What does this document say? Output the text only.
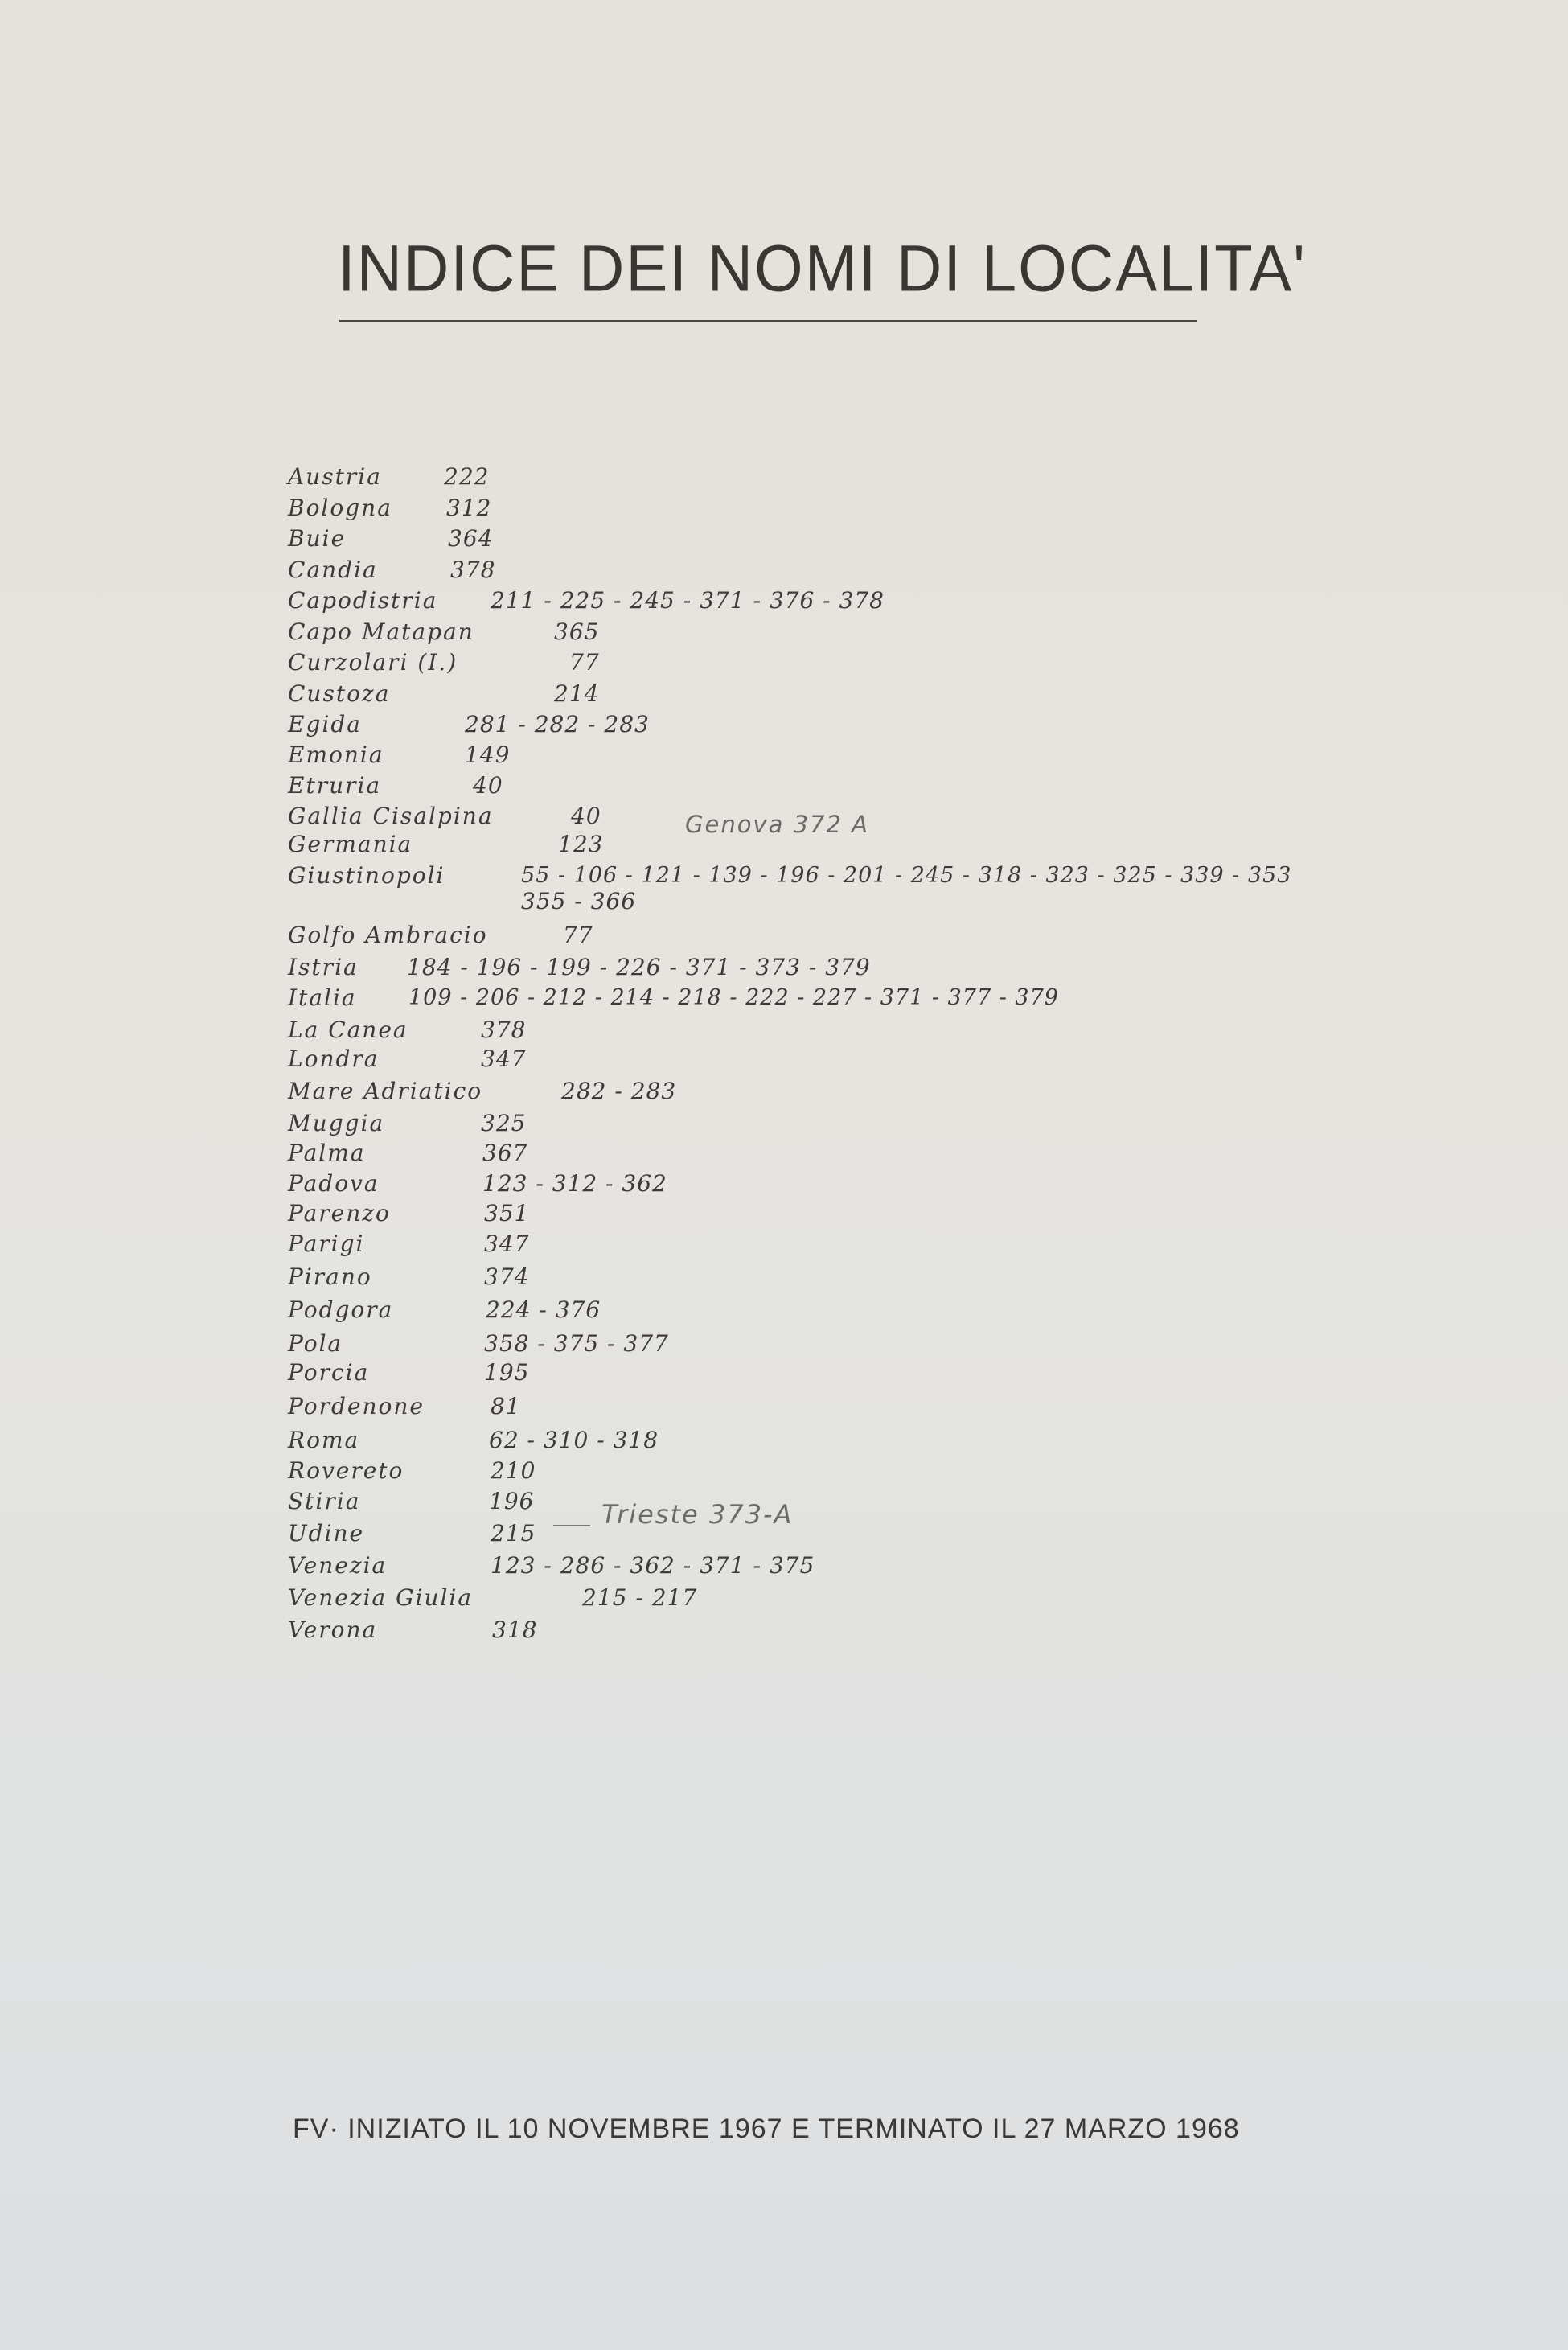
INDICE DEI NOMI DI LOCALITA'
Austria	222
Bologna 312
Buie	364
Candia	378
Capodistria 211 - 225 - 245 - 371 - 376 - 378
Capo Matapan	365
Curzolari (I.)	77
Custoza	214
Egida	281 - 282 - 283
Emonia	149
Etruria	40
Gallia Cisalpina	40
Germania	123
Giustinopoli	55 - 106 - 121 - 139 - 196 - 201 - 245 - 318 - 323 - 325 - 339 - 353
355 - 366
Golfo Ambracio	77
Istria 184 - 196 - 199 - 226 - 371 - 373 - 379
Italia 109 - 206 - 212 - 214 - 218 - 222 - 227 - 371 - 377 - 379
La Canea	378
Londra	347
Mare Adriatico	282 - 283
Muggia	325
Palma	367
Padova	123 - 312 - 362
Parenzo	351
Parigi	347
Pirano	374
Podgora	224 - 376
Pola	358 - 375 - 377
Porcia	195
Pordenone	81
Roma	62 - 310 - 318
Rovereto	210
Stiria	196
Udine	215
Venezia	123 - 286 - 362 - 371 - 375
Venezia Giulia	215 - 217
Verona	318
Genova 372 A
Trieste 373-A
FV· INIZIATO IL 10 NOVEMBRE 1967 E TERMINATO IL 27 MARZO 1968
